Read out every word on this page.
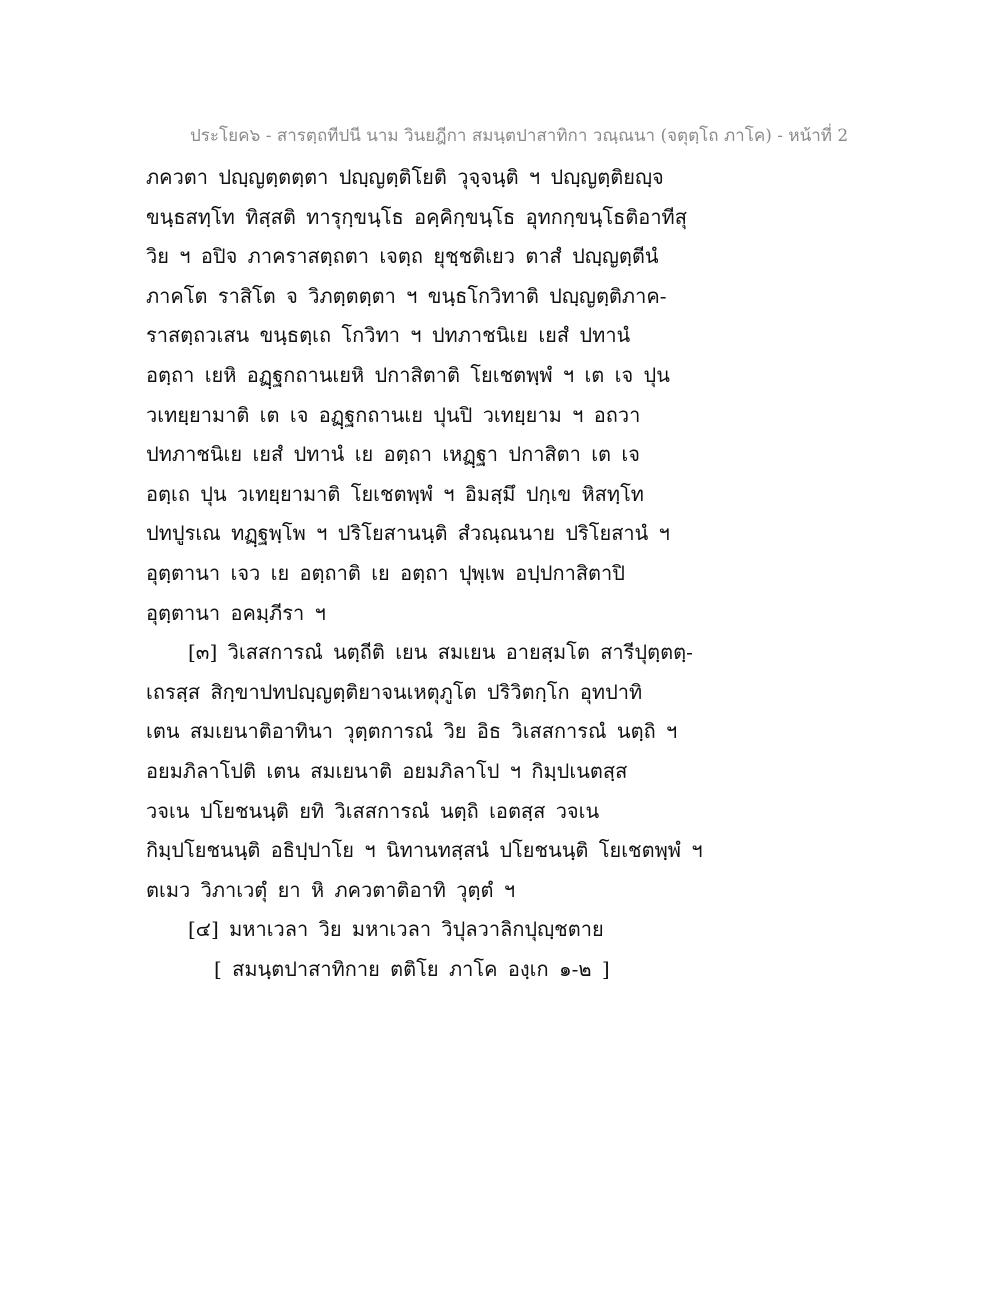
ประโยค๖ - สารตฺถทีปนี นาม วินยฎีกา สมนฺตปาสาทิกา วณฺณนา (จตุตฺโถ ภาโค) - หน้าที่ 2
ภควตา ปญฺญตฺตตฺตา ปญฺญตฺติโยติ วุจฺจนฺติ ฯ ปญฺญตฺติยญฺจ
ขนฺธสทฺโท ทิสฺสติ ทารุกฺขนฺโธ อคฺคิกฺขนฺโธ อุทกกฺขนฺโธติอาทีสุ
วิย ฯ อปิจ ภาคราสตฺถตา เจตฺถ ยุชฺชติเยว ตาสํ ปญฺญตฺตีนํ
ภาคโต ราสิโต จ วิภตฺตตฺตา ฯ ขนฺธโกวิทาติ ปญฺญตฺติภาค-
ราสตฺถวเสน ขนฺธตฺเถ โกวิทา ฯ ปทภาชนิเย เยสํ ปทานํ
อตฺถา เยหิ อฏฺฐกถานเยหิ ปกาสิตาติ โยเชตพฺพํ ฯ เต เจ ปุน
วเทยฺยามาติ เต เจ อฏฺฐกถานเย ปุนปิ วเทยฺยาม ฯ อถวา
ปทภาชนิเย เยสํ ปทานํ เย อตฺถา เหฏฺฐา ปกาสิตา เต เจ
อตฺเถ ปุน วเทยฺยามาติ โยเชตพฺพํ ฯ อิมสฺมึ ปกฺเข หิสทฺโท
ปทปูรเณ ทฏฺฐพฺโพ ฯ ปริโยสานนฺติ สํวณฺณนาย ปริโยสานํ ฯ
อุตฺตานา เจว เย อตฺถาติ เย อตฺถา ปุพฺเพ อปฺปกาสิตาปิ
อุตฺตานา อคมฺภีรา ฯ
[๓] วิเสสการณํ นตฺถีติ เยน สมเยน อายสฺมโต สารีปุตฺตตฺ-
เถรสฺส สิกฺขาปทปญฺญตฺติยาจนเหตุภูโต ปริวิตกฺโก อุทปาทิ
เตน สมเยนาติอาทินา วุตฺตการณํ วิย อิธ วิเสสการณํ นตฺถิ ฯ
อยมภิลาโปติ เตน สมเยนาติ อยมภิลาโป ฯ กิมฺปเนตสฺส
วจเน ปโยชนนฺติ ยทิ วิเสสการณํ นตฺถิ เอตสฺส วจเน
กิมฺปโยชนนฺติ อธิปฺปาโย ฯ นิทานทสฺสนํ ปโยชนนฺติ โยเชตพฺพํ ฯ
ตเมว วิภาเวตุํ ยา หิ ภควตาติอาทิ วุตฺตํ ฯ
[๔] มหาเวลา วิย มหาเวลา วิปุลวาลิกปุญฺชตาย
[ สมนฺตปาสาทิกาย ตติโย ภาโค องฺเก ๑-๒ ]
